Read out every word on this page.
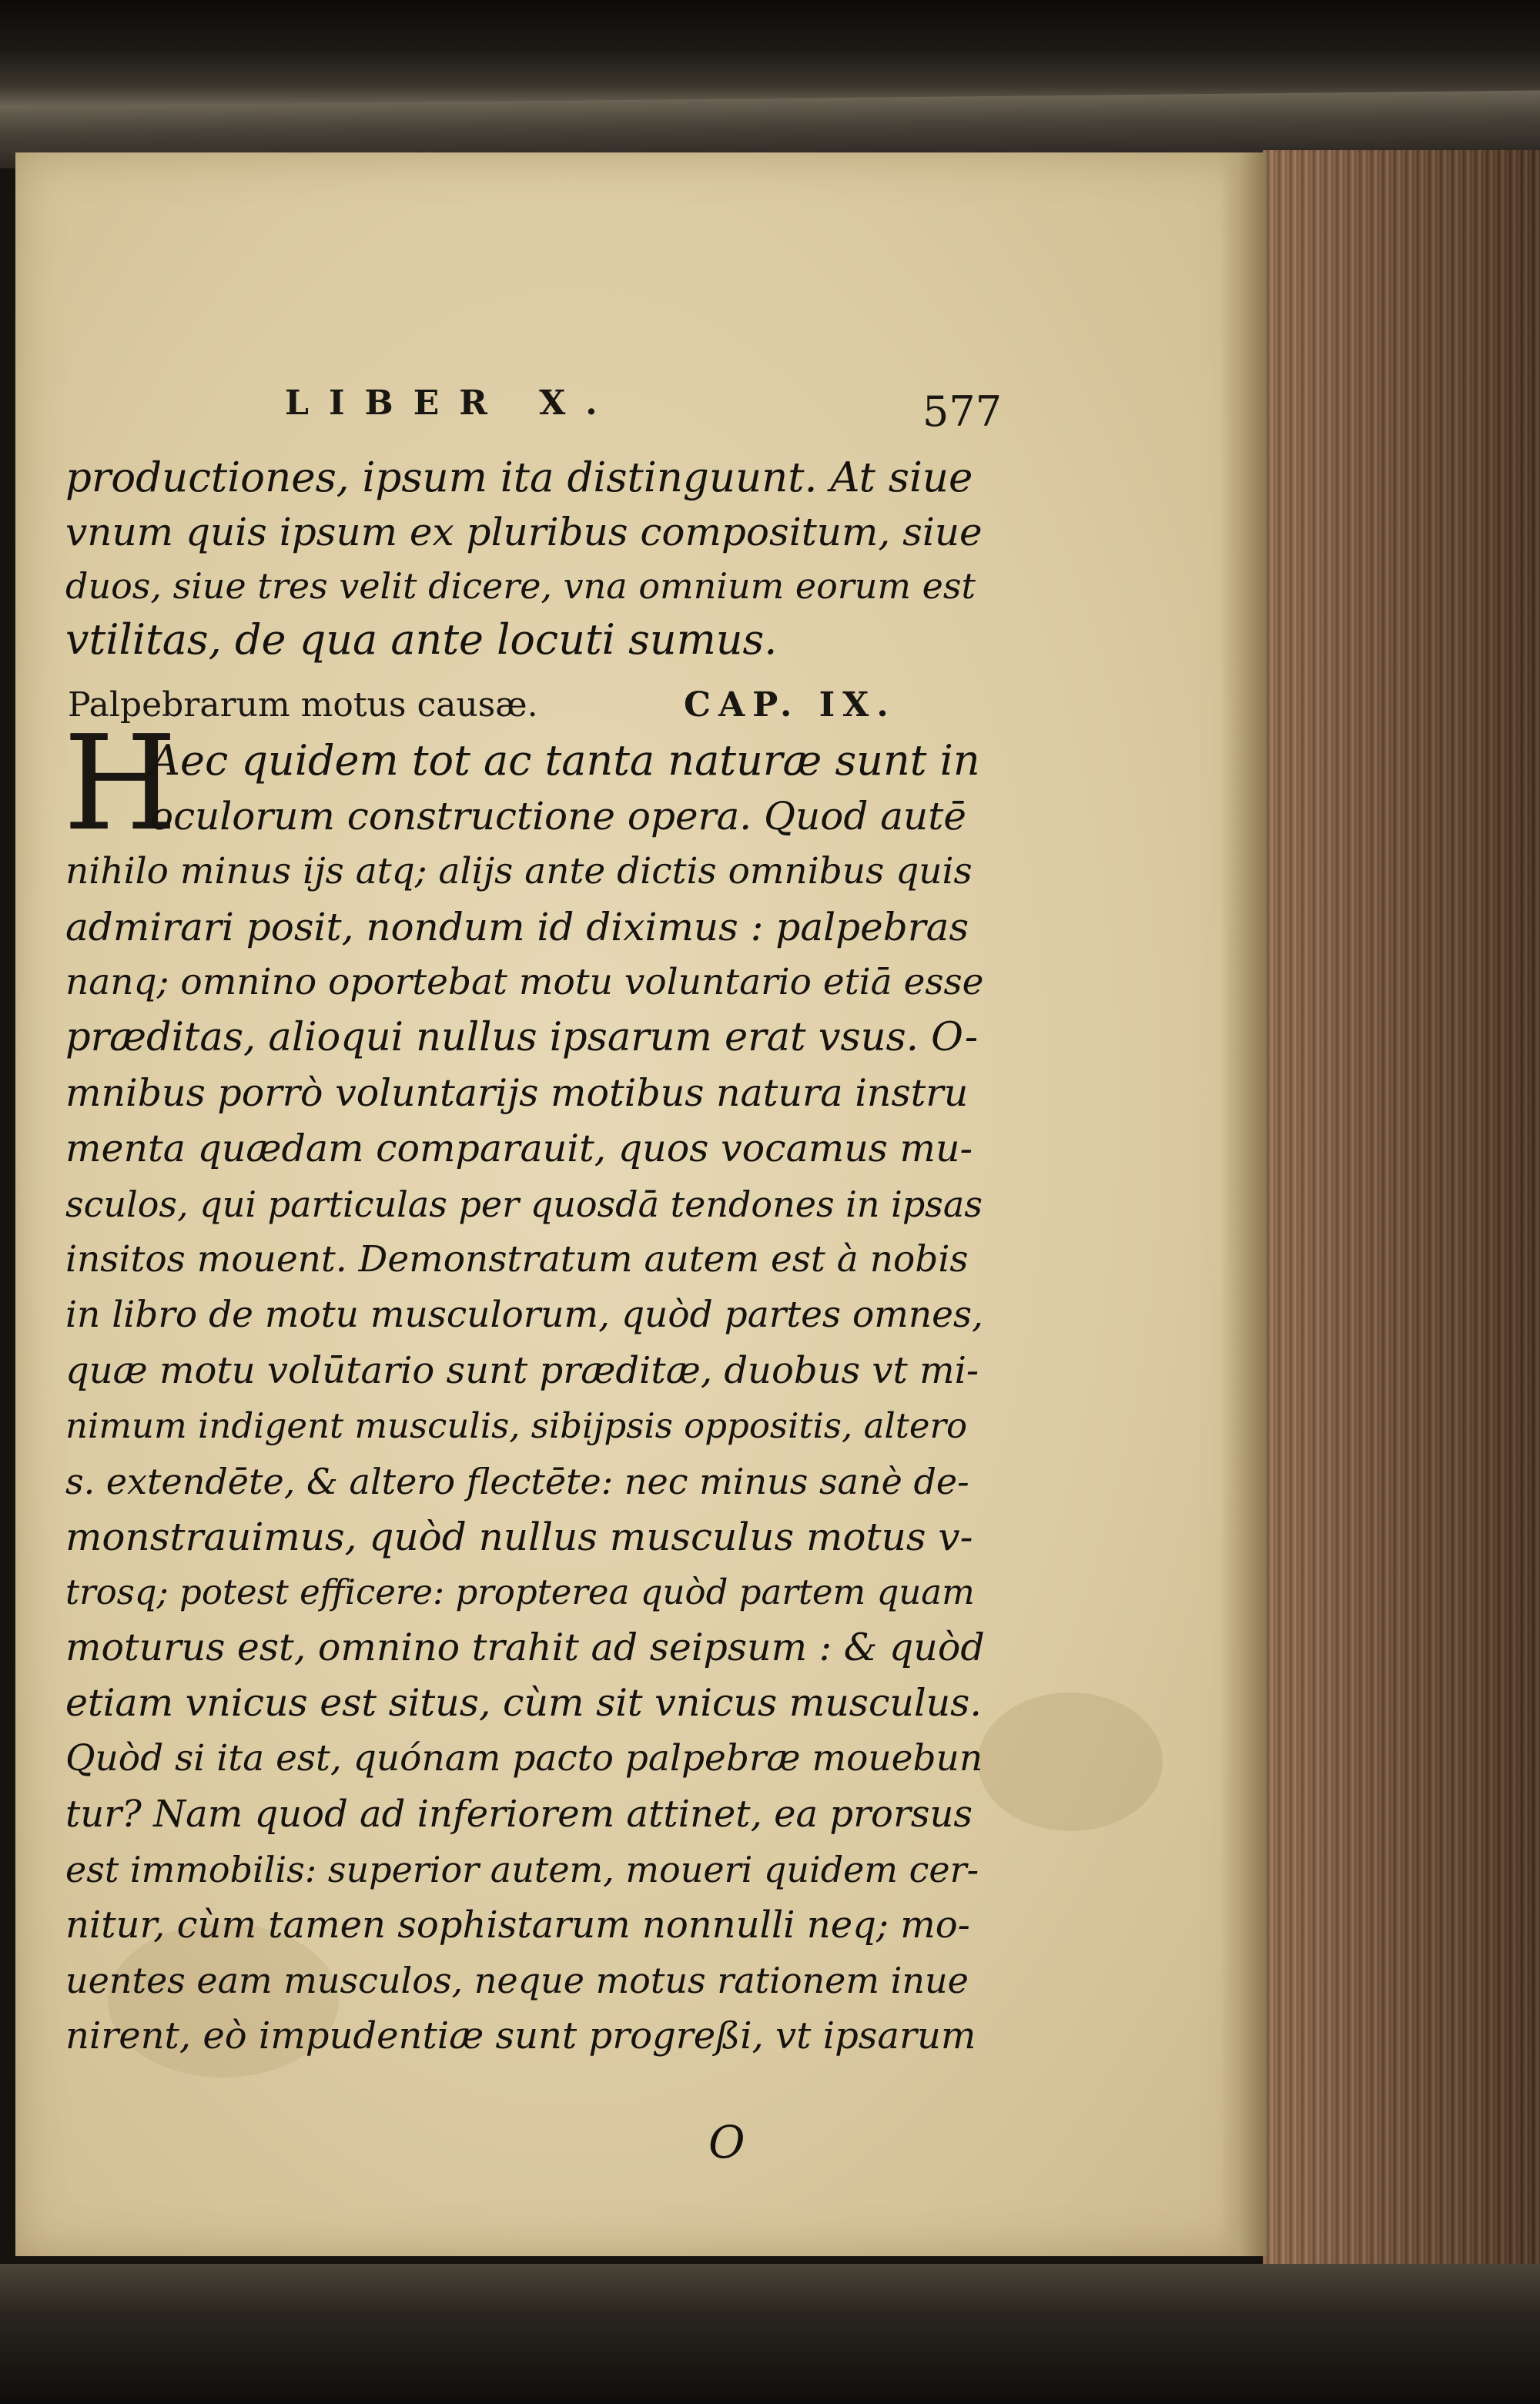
LIBER X.	577
productiones, ipsum ita distinguunt. At siue
vnum quis ipsum ex pluribus compositum, siue
duos, siue tres velit dicere, vna omnium eorum est
vtilitas, de qua ante locuti sumus.
Palpebrarum motus causæ.	CAP. IX.
H
Aec quidem tot ac tanta naturæ sunt in
oculorum constructione opera. Quod autē
nihilo minus ijs atq; alijs ante dictis omnibus quis
admirari posit, nondum id diximus : palpebras
nanq; omnino oportebat motu voluntario etiā esse
præditas, alioqui nullus ipsarum erat vsus. O-
mnibus porrò voluntarijs motibus natura instru
menta quædam comparauit, quos vocamus mu-
sculos, qui particulas per quosdā tendones in ipsas
insitos mouent. Demonstratum autem est à nobis
in libro de motu musculorum, quòd partes omnes,
quæ motu volūtario sunt præditæ, duobus vt mi-
nimum indigent musculis, sibijpsis oppositis, altero
s. extendēte, & altero flectēte: nec minus sanè de-
monstrauimus, quòd nullus musculus motus v-
trosq; potest efficere: propterea quòd partem quam
moturus est, omnino trahit ad seipsum : & quòd
etiam vnicus est situs, cùm sit vnicus musculus.
Quòd si ita est, quónam pacto palpebræ mouebun
tur? Nam quod ad inferiorem attinet, ea prorsus
est immobilis: superior autem, moueri quidem cer-
nitur, cùm tamen sophistarum nonnulli neq; mo-
uentes eam musculos, neque motus rationem inue
nirent, eò impudentiæ sunt progreßi, vt ipsarum
O
